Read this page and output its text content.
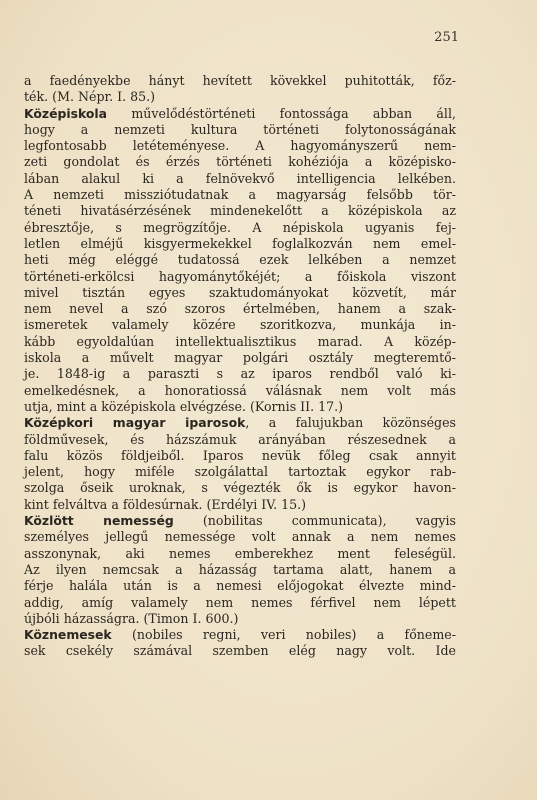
251
a faedényekbe hányt hevített kövekkel puhitották, főz-
ték. (M. Népr. I. 85.)
Középiskola művelődéstörténeti fontossága abban áll,
hogy a nemzeti kultura történeti folytonosságának
legfontosabb letéteményese. A hagyományszerű nem-
zeti gondolat és érzés történeti kohéziója a középisko-
lában alakul ki a felnövekvő intelligencia lelkében.
A nemzeti missziótudatnak a magyarság felsőbb tör-
téneti hivatásérzésének mindenekelőtt a középiskola az
ébresztője, s megrögzítője. A népiskola ugyanis fej-
letlen elméjű kisgyermekekkel foglalkozván nem emel-
heti még eléggé tudatossá ezek lelkében a nemzet
történeti-erkölcsi hagyománytőkéjét; a főiskola viszont
mivel tisztán egyes szaktudományokat közvetít, már
nem nevel a szó szoros értelmében, hanem a szak-
ismeretek valamely közére szoritkozva, munkája in-
kább egyoldalúan intellektualisztikus marad. A közép-
iskola a művelt magyar polgári osztály megteremtő-
je. 1848-ig a paraszti s az iparos rendből való ki-
emelkedésnek, a honoratiossá válásnak nem volt más
utja, mint a középiskola elvégzése. (Kornis II. 17.)
Középkori magyar iparosok, a falujukban közönséges
földművesek, és házszámuk arányában részesednek a
falu közös földjeiből. Iparos nevük főleg csak annyit
jelent, hogy miféle szolgálattal tartoztak egykor rab-
szolga őseik uroknak, s végezték ők is egykor havon-
kint felváltva a földesúrnak. (Erdélyi IV. 15.)
Közlött nemesség (nobilitas communicata), vagyis
személyes jellegű nemessége volt annak a nem nemes
asszonynak, aki nemes emberekhez ment feleségül.
Az ilyen nemcsak a házasság tartama alatt, hanem a
férje halála után is a nemesi előjogokat élvezte mind-
addig, amíg valamely nem nemes férfivel nem lépett
újbóli házasságra. (Timon I. 600.)
Köznemesek (nobiles regni, veri nobiles) a főneme-
sek csekély számával szemben elég nagy volt. Ide
